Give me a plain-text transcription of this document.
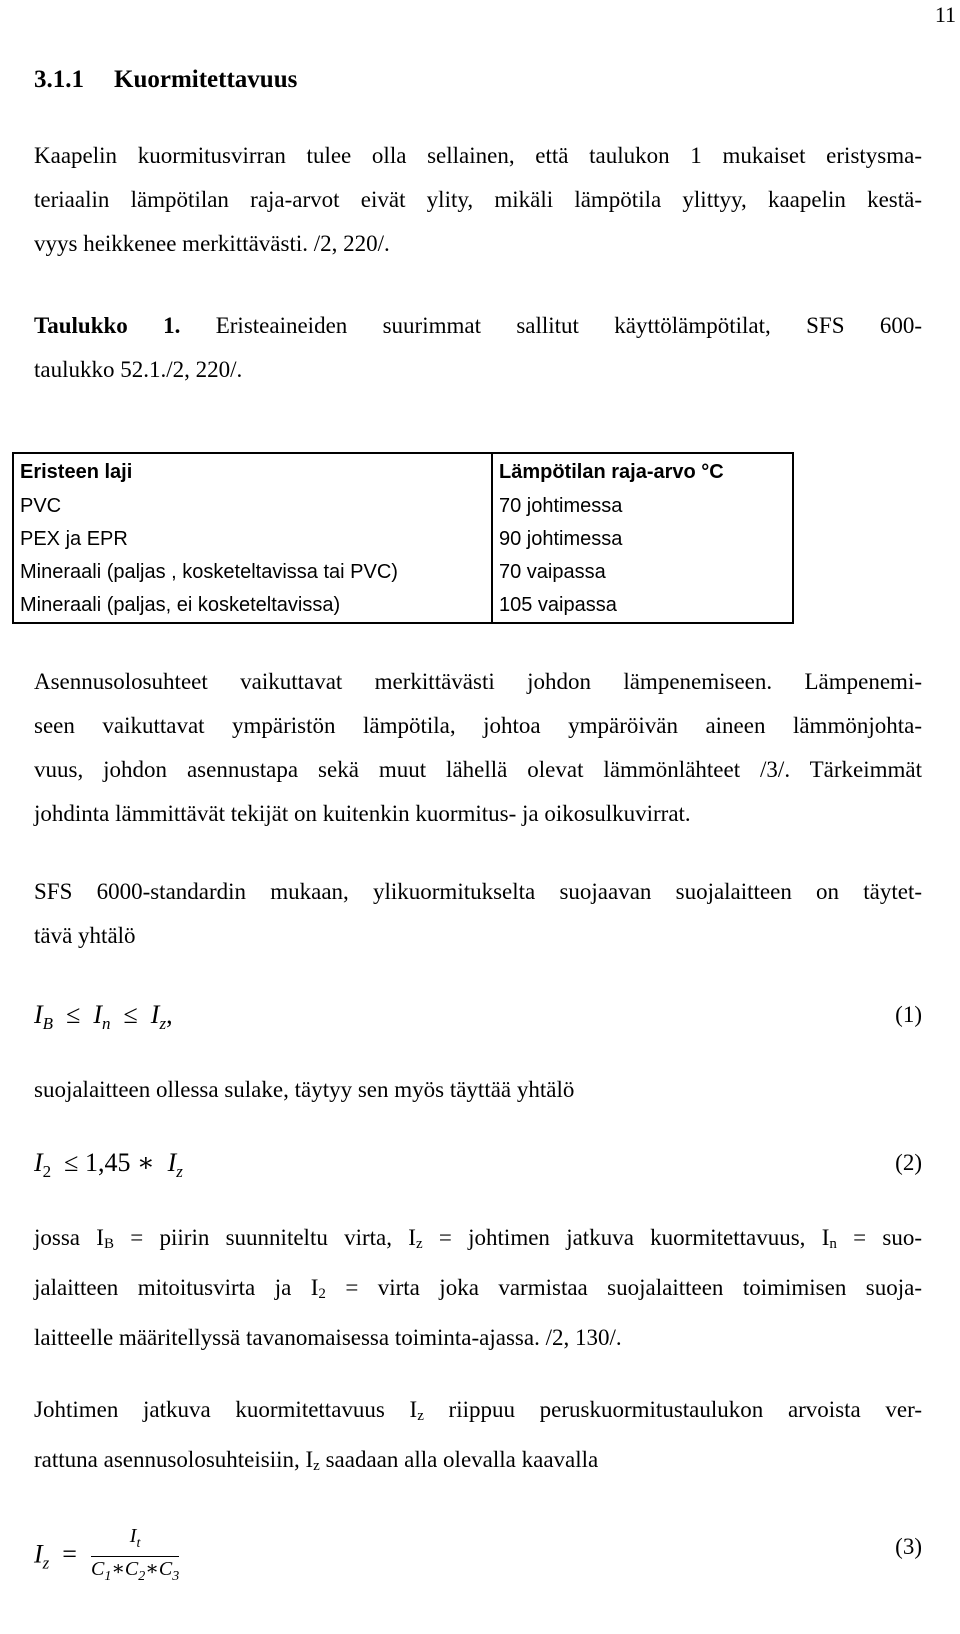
11
3.1.1 Kuormitettavuus

Kaapelin kuormitusvirran tulee olla sellainen, että taulukon 1 mukaiset eristysma-
teriaalin lämpötilan raja-arvot eivät ylity, mikäli lämpötila ylittyy, kaapelin kestä-
vyys heikkenee merkittävästi. /2, 220/.

Taulukko 1. Eristeaineiden suurimmat sallitut käyttölämpötilat, SFS 600-
taulukko 52.1./2, 220/.

Eristeen laji	Lämpötilan raja-arvo °C
PVC	70 johtimessa
PEX ja EPR	90 johtimessa
Mineraali (paljas , kosketeltavissa tai PVC)	70 vaipassa
Mineraali (paljas, ei kosketeltavissa)	105 vaipassa

Asennusolosuhteet vaikuttavat merkittävästi johdon lämpenemiseen. Lämpenemi-
seen vaikuttavat ympäristön lämpötila, johtoa ympäröivän aineen lämmönjohta-
vuus, johdon asennustapa sekä muut lähellä olevat lämmönlähteet /3/. Tärkeimmät
johdinta lämmittävät tekijät on kuitenkin kuormitus- ja oikosulkuvirrat.

SFS 6000-standardin mukaan, ylikuormitukselta suojaavan suojalaitteen on täytet-
tävä yhtälö

$I_B \le I_n \le I_z$,	(1)

suojalaitteen ollessa sulake, täytyy sen myös täyttää yhtälö

$I_2 \le 1,45$ ∗  $I_z$	(2)

jossa IB = piirin suunniteltu virta, Iz = johtimen jatkuva kuormitettavuus, In = suo-
jalaitteen mitoitusvirta ja I2 = virta joka varmistaa suojalaitteen toimimisen suoja-
laitteelle määritellyssä tavanomaisessa toiminta-ajassa. /2, 130/.

Johtimen jatkuva kuormitettavuus Iz riippuu peruskuormitustaulukon arvoista ver-
rattuna asennusolosuhteisiin, Iz saadaan alla olevalla kaavalla

$I_z = \frac{I_t}{C_1∗C_2∗C_3}$	(3)
